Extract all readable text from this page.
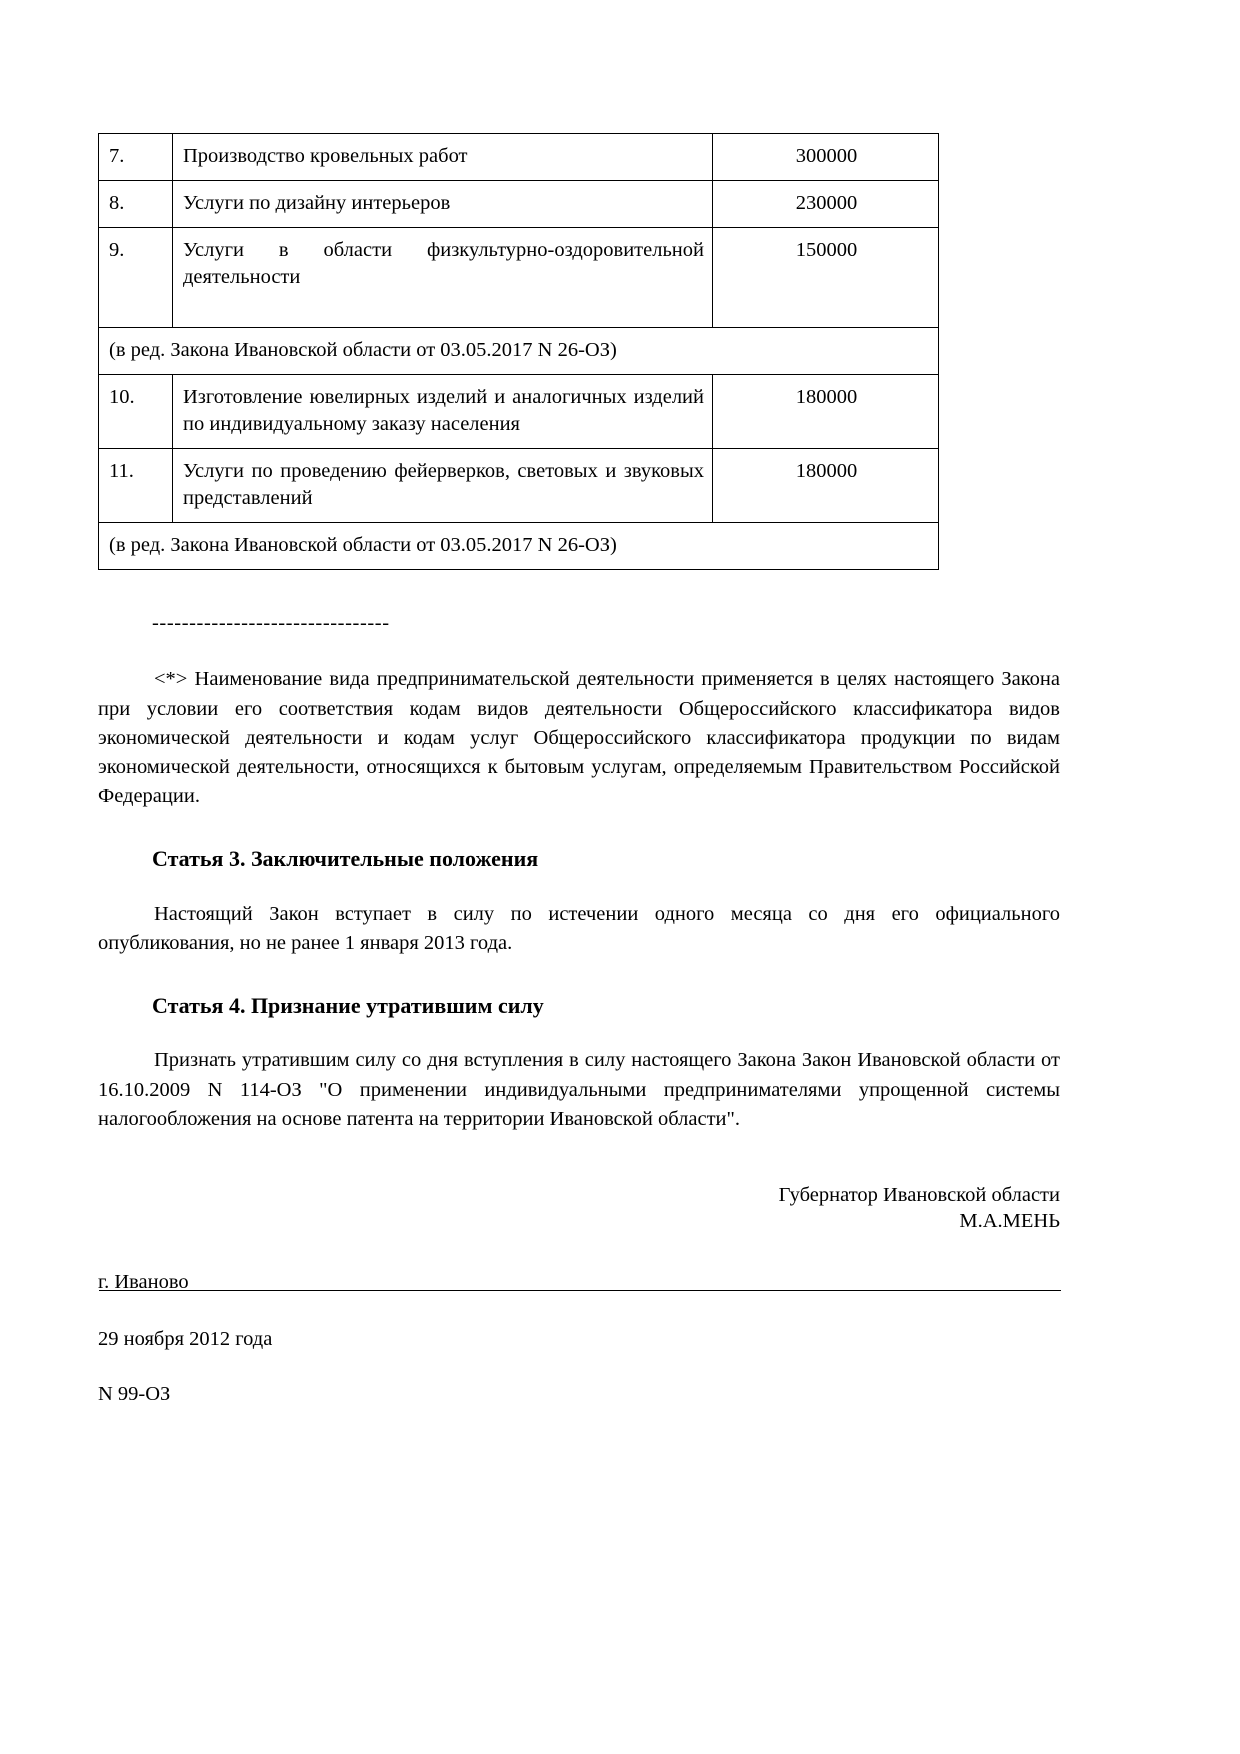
7.	Производство кровельных работ	300000
8.	Услуги по дизайну интерьеров	230000
9.	Услуги в области физкультурно-оздоровительной деятельности	150000
(в ред. Закона Ивановской области от 03.05.2017 N 26-ОЗ)		
10.	Изготовление ювелирных изделий и аналогичных изделий по индивидуальному заказу населения	180000
11.	Услуги по проведению фейерверков, световых и звуковых представлений	180000
(в ред. Закона Ивановской области от 03.05.2017 N 26-ОЗ)		
--------------------------------

<*> Наименование вида предпринимательской деятельности применяется в целях настоящего Закона при условии его соответствия кодам видов деятельности Общероссийского классификатора видов экономической деятельности и кодам услуг Общероссийского классификатора продукции по видам экономической деятельности, относящихся к бытовым услугам, определяемым Правительством Российской Федерации.

Статья 3. Заключительные положения

Настоящий Закон вступает в силу по истечении одного месяца со дня его официального опубликования, но не ранее 1 января 2013 года.

Статья 4. Признание утратившим силу

Признать утратившим силу со дня вступления в силу настоящего Закона Закон Ивановской области от 16.10.2009 N 114-ОЗ "О применении индивидуальными предпринимателями упрощенной системы налогообложения на основе патента на территории Ивановской области".

Губернатор Ивановской области
М.А.МЕНЬ
г. Иваново
29 ноября 2012 года
N 99-ОЗ
